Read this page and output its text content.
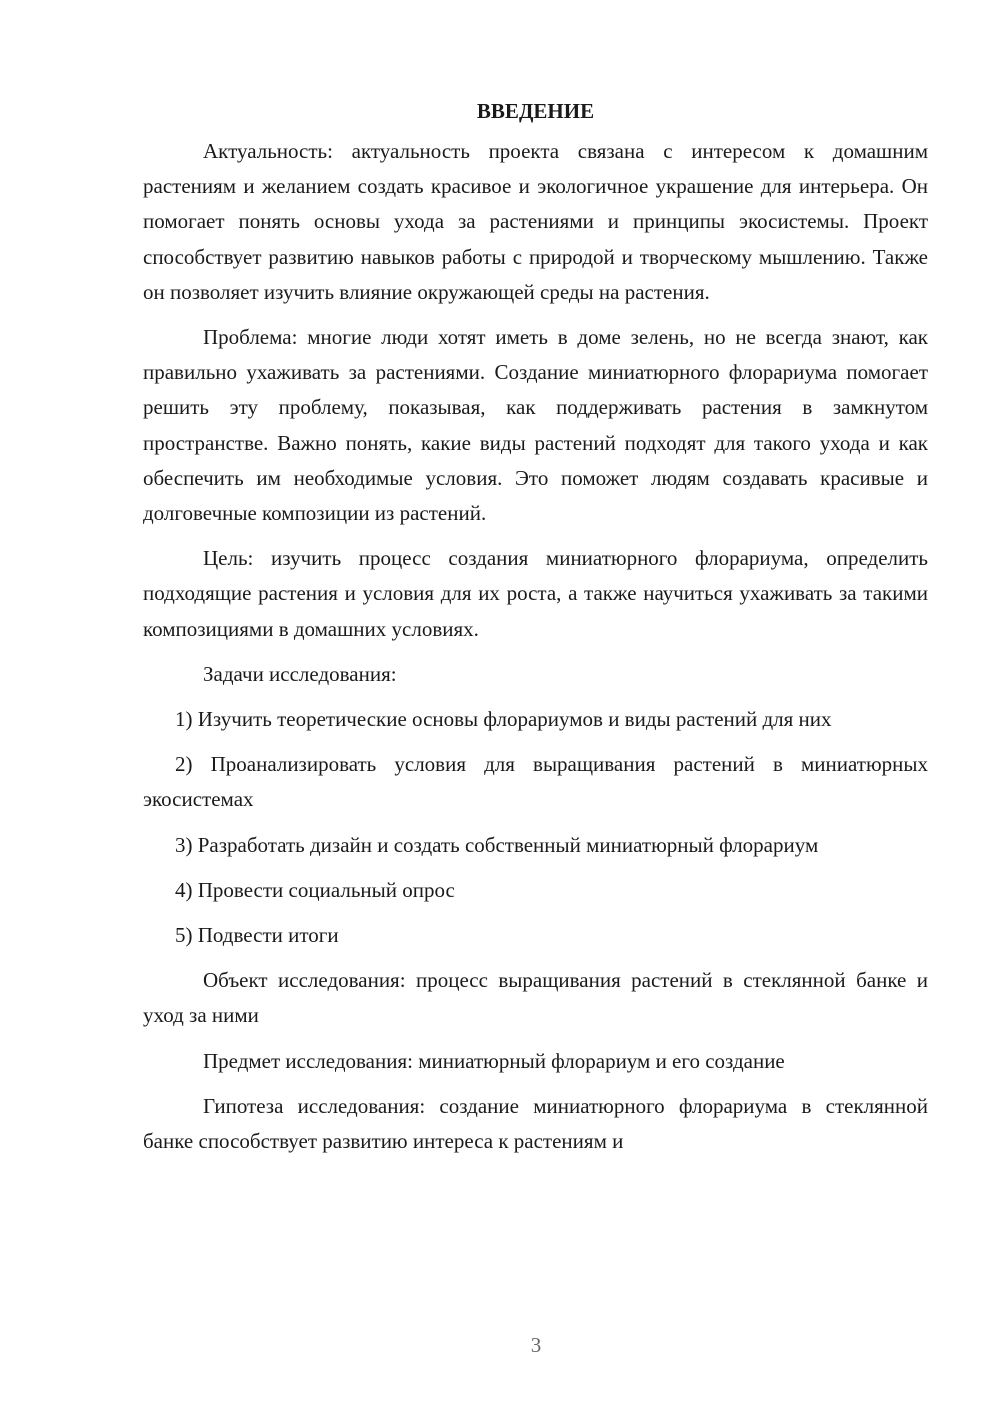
ВВЕДЕНИЕ

Актуальность: актуальность проекта связана с интересом к домашним растениям и желанием создать красивое и экологичное украшение для интерьера. Он помогает понять основы ухода за растениями и принципы экосистемы. Проект способствует развитию навыков работы с природой и творческому мышлению. Также он позволяет изучить влияние окружающей среды на растения.

Проблема: многие люди хотят иметь в доме зелень, но не всегда знают, как правильно ухаживать за растениями. Создание миниатюрного флорариума помогает решить эту проблему, показывая, как поддерживать растения в замкнутом пространстве. Важно понять, какие виды растений подходят для такого ухода и как обеспечить им необходимые условия. Это поможет людям создавать красивые и долговечные композиции из растений.

Цель: изучить процесс создания миниатюрного флорариума, определить подходящие растения и условия для их роста, а также научиться ухаживать за такими композициями в домашних условиях.

Задачи исследования:

1) Изучить теоретические основы флорариумов и виды растений для них

2) Проанализировать условия для выращивания растений в миниатюрных экосистемах

3) Разработать дизайн и создать собственный миниатюрный флорариум

4) Провести социальный опрос

5) Подвести итоги

Объект исследования: процесс выращивания растений в стеклянной банке и уход за ними

Предмет исследования: миниатюрный флорариум и его создание

Гипотеза исследования: создание миниатюрного флорариума в стеклянной банке способствует развитию интереса к растениям и

3
